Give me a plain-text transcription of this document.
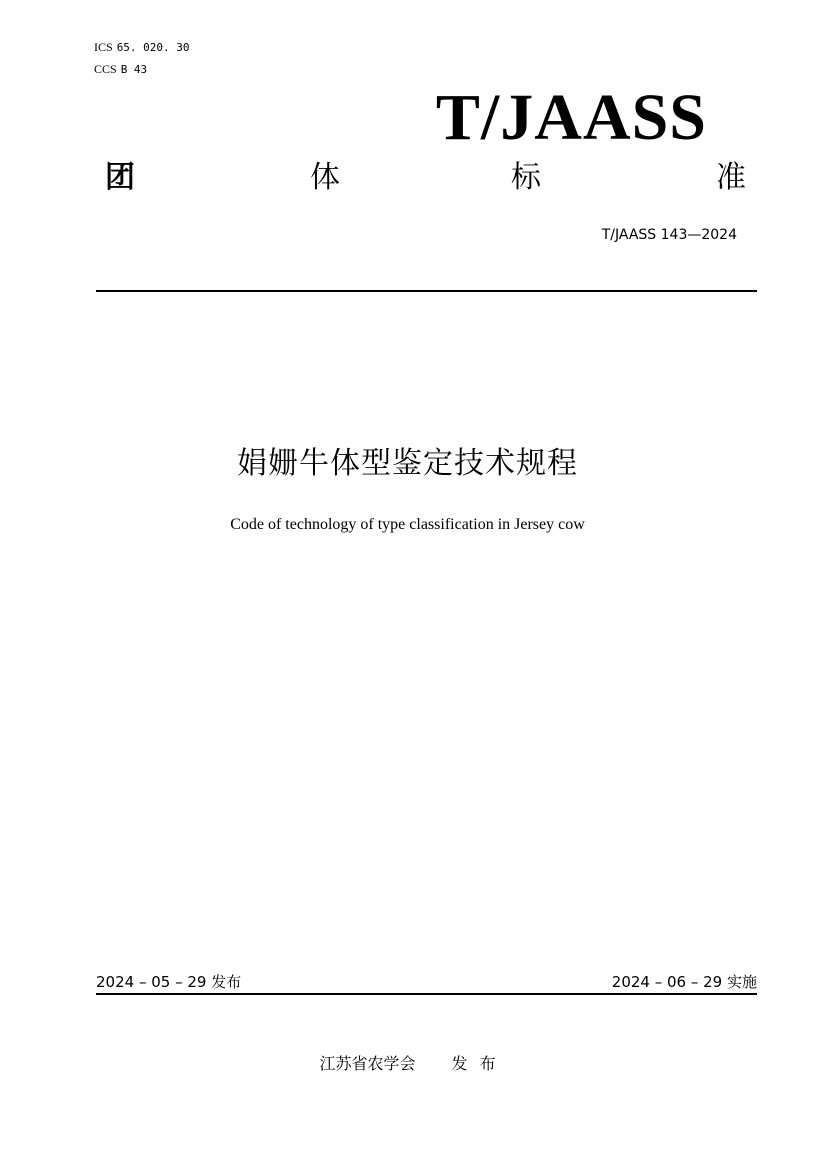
ICS 65. 020. 30
CCS B 43
T/JAASS
团	体	标	准
T/JAASS 143—2024
娟姗牛体型鉴定技术规程
Code of technology of type classification in Jersey cow
2024 – 05 – 29 发布	2024 – 06 – 29 实施
江苏省农学会 发 布
